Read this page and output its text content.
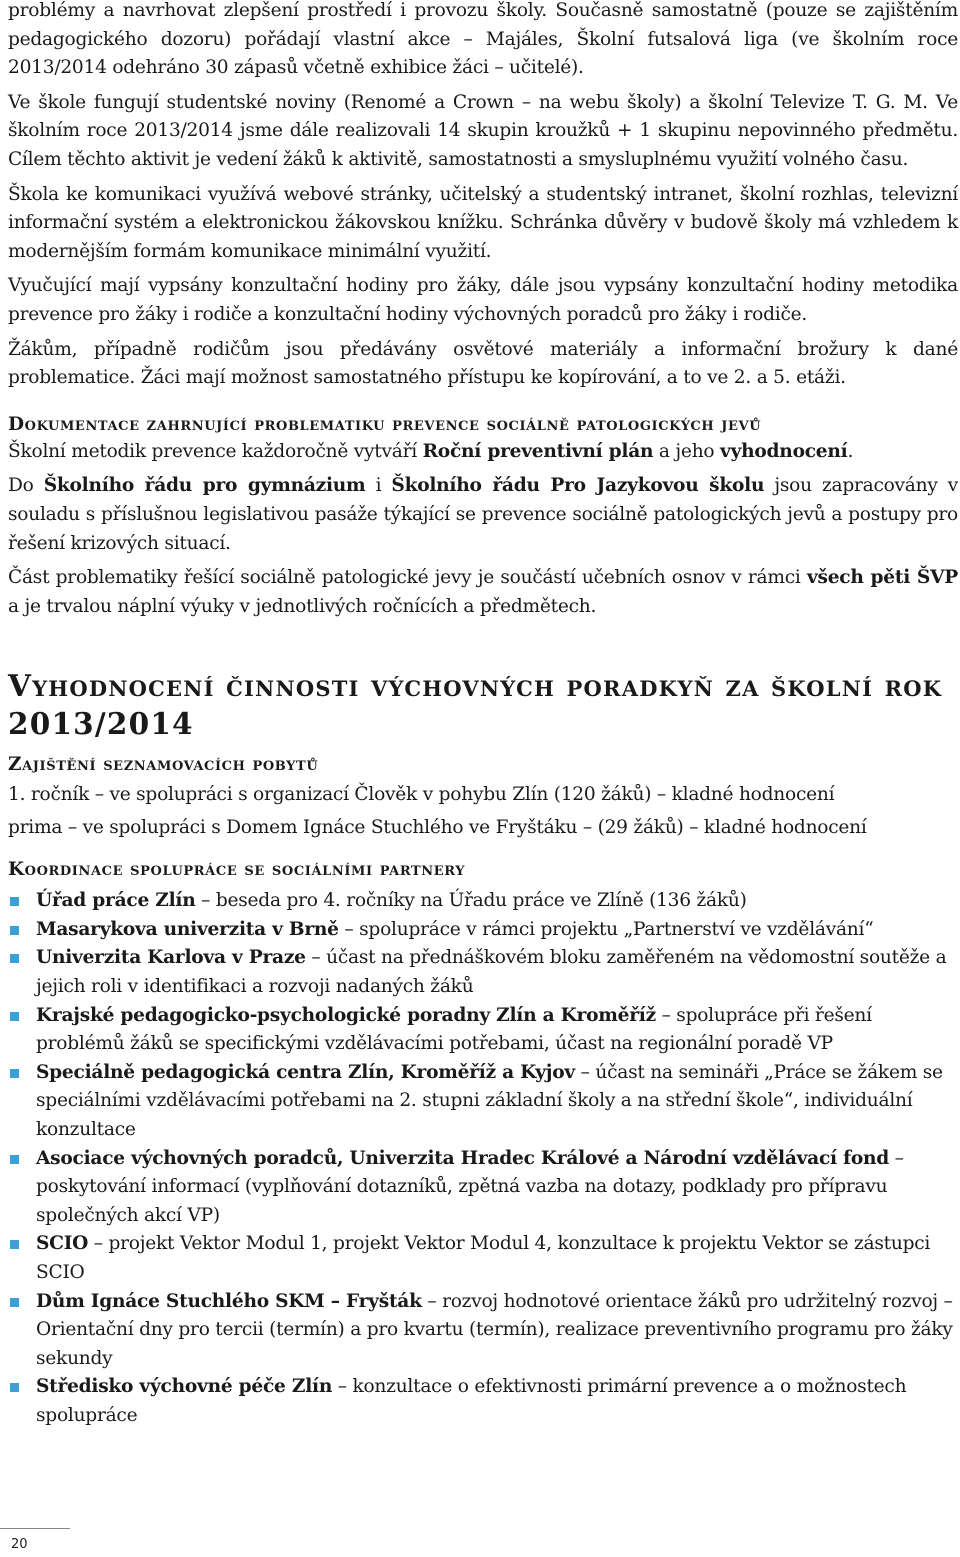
problémy a navrhovat zlepšení prostředí i provozu školy. Současně samostatně (pouze se zajištěním pedagogického dozoru) pořádají vlastní akce – Majáles, Školní futsalová liga (ve školním roce 2013/2014 odehráno 30 zápasů včetně exhibice žáci – učitelé).

Ve škole fungují studentské noviny (Renomé a Crown – na webu školy) a školní Televize T. G. M. Ve školním roce 2013/2014 jsme dále realizovali 14 skupin kroužků + 1 skupinu nepovinného předmětu. Cílem těchto aktivit je vedení žáků k aktivitě, samostatnosti a smysluplnému využití volného času.

Škola ke komunikaci využívá webové stránky, učitelský a studentský intranet, školní rozhlas, televizní informační systém a elektronickou žákovskou knížku. Schránka důvěry v budově školy má vzhledem k modernějším formám komunikace minimální využití.

Vyučující mají vypsány konzultační hodiny pro žáky, dále jsou vypsány konzultační hodiny metodika prevence pro žáky i rodiče a konzultační hodiny výchovných poradců pro žáky i rodiče.

Žákům, případně rodičům jsou předávány osvětové materiály a informační brožury k dané problematice. Žáci mají možnost samostatného přístupu ke kopírování, a to ve 2. a 5. etáži.

Dokumentace zahrnující problematiku prevence sociálně patologických jevů

Školní metodik prevence každoročně vytváří Roční preventivní plán a jeho vyhodnocení.

Do Školního řádu pro gymnázium i Školního řádu Pro Jazykovou školu jsou zapracovány v souladu s příslušnou legislativou pasáže týkající se prevence sociálně patologických jevů a postupy pro řešení krizových situací.

Část problematiky řešící sociálně patologické jevy je součástí učebních osnov v rámci všech pěti ŠVP a je trvalou náplní výuky v jednotlivých ročnících a předmětech.

Vyhodnocení činnosti výchovných poradkyň za školní rok 2013/2014
Zajištění seznamovacích pobytů

1. ročník – ve spolupráci s organizací Člověk v pohybu Zlín (120 žáků) – kladné hodnocení

prima – ve spolupráci s Domem Ignáce Stuchlého ve Fryštáku – (29 žáků) – kladné hodnocení

Koordinace spolupráce se sociálními partnery

Úřad práce Zlín – beseda pro 4. ročníky na Úřadu práce ve Zlíně (136 žáků)

Masarykova univerzita v Brně – spolupráce v rámci projektu „Partnerství ve vzdělávání“

Univerzita Karlova v Praze – účast na přednáškovém bloku zaměřeném na vědomostní soutěže a jejich roli v identifikaci a rozvoji nadaných žáků

Krajské pedagogicko-psychologické poradny Zlín a Kroměříž – spolupráce při řešení problémů žáků se specifickými vzdělávacími potřebami, účast na regionální poradě VP

Speciálně pedagogická centra Zlín, Kroměříž a Kyjov – účast na semináři „Práce se žákem se speciálními vzdělávacími potřebami na 2. stupni základní školy a na střední škole“, individuální konzultace

Asociace výchovných poradců, Univerzita Hradec Králové a Národní vzdělávací fond – poskytování informací (vyplňování dotazníků, zpětná vazba na dotazy, podklady pro přípravu společných akcí VP)

SCIO – projekt Vektor Modul 1, projekt Vektor Modul 4, konzultace k projektu Vektor se zástupci SCIO

Dům Ignáce Stuchlého SKM – Fryšták – rozvoj hodnotové orientace žáků pro udržitelný rozvoj – Orientační dny pro tercii (termín) a pro kvartu (termín), realizace preventivního programu pro žáky sekundy

Středisko výchovné péče Zlín – konzultace o efektivnosti primární prevence a o možnostech spolupráce

20
